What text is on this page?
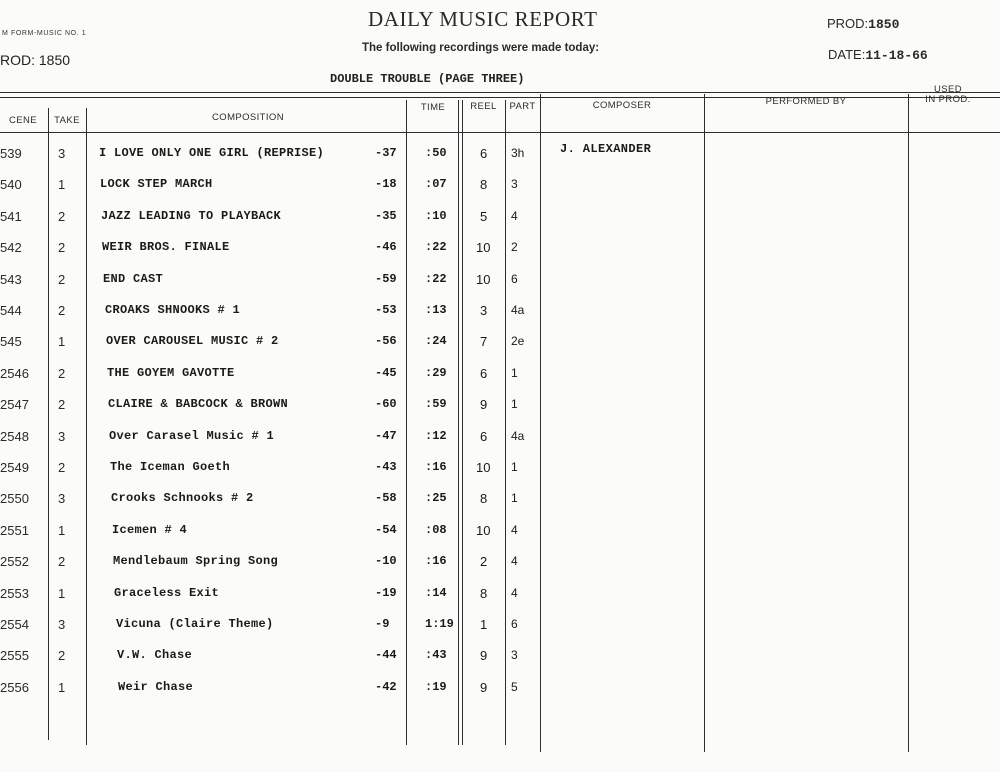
M FORM-MUSIC NO. 1
ROD: 1850
DAILY MUSIC REPORT
The following recordings were made today:
PROD:1850
DATE:11-18-66
DOUBLE TROUBLE (PAGE THREE)
CENE	TAKE	COMPOSITION
TIME	REEL	PART	COMPOSER	PERFORMED BY
USED
IN PROD.
539	3	I LOVE ONLY ONE GIRL (REPRISE)	-37 :50	6 3h	J. ALEXANDER
540	1	LOCK STEP MARCH	-18 :07	8 3
541	2	JAZZ LEADING TO PLAYBACK	-35 :10	5 4
542	2	WEIR BROS. FINALE	-46 :22 10 2
543	2	END CAST	-59 :22 10 6
544	2	CROAKS SHNOOKS # 1	-53 :13	3 4a
545	1	OVER CAROUSEL MUSIC # 2	-56 :24	7 2e
2546 2	THE GOYEM GAVOTTE	-45 :29	6 1
2547 2	CLAIRE & BABCOCK & BROWN	-60 :59	9 1
2548 3	Over Carasel Music # 1	-47 :12	6 4a
2549 2	The Iceman Goeth	-43 :16 10 1
2550 3	Crooks Schnooks # 2	-58 :25	8 1
2551 1	Icemen # 4	-54 :08 10 4
2552 2	Mendlebaum Spring Song	-10 :16	2 4
2553 1	Graceless Exit	-19 :14	8 4
2554 3	Vicuna (Claire Theme)	-9	1:19 1 6
2555 2	V.W. Chase	-44 :43	9 3
2556 1	Weir Chase	-42 :19	9 5
